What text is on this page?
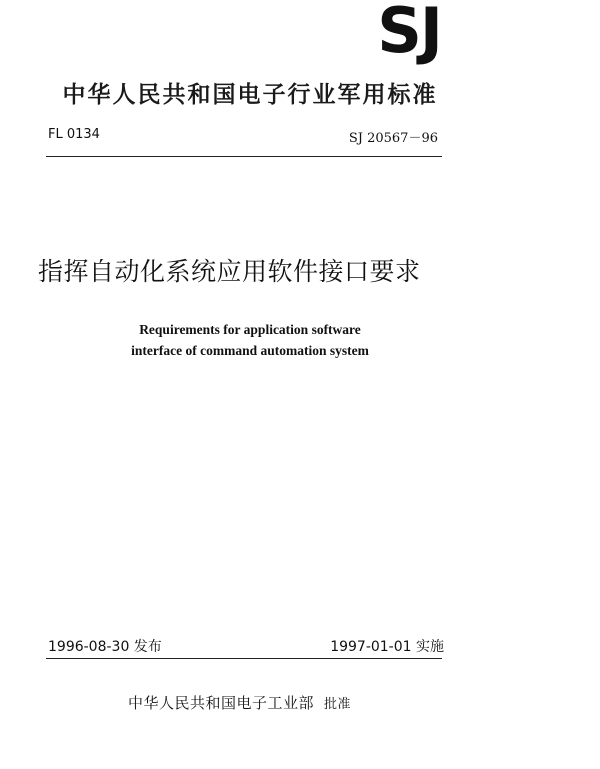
SJ
中华人民共和国电子行业军用标准
FL 0134	SJ 20567－96
指挥自动化系统应用软件接口要求
Requirements for application software
interface of command automation system
1996-08-30 发布	1997-01-01 实施
中华人民共和国电子工业部 批准
